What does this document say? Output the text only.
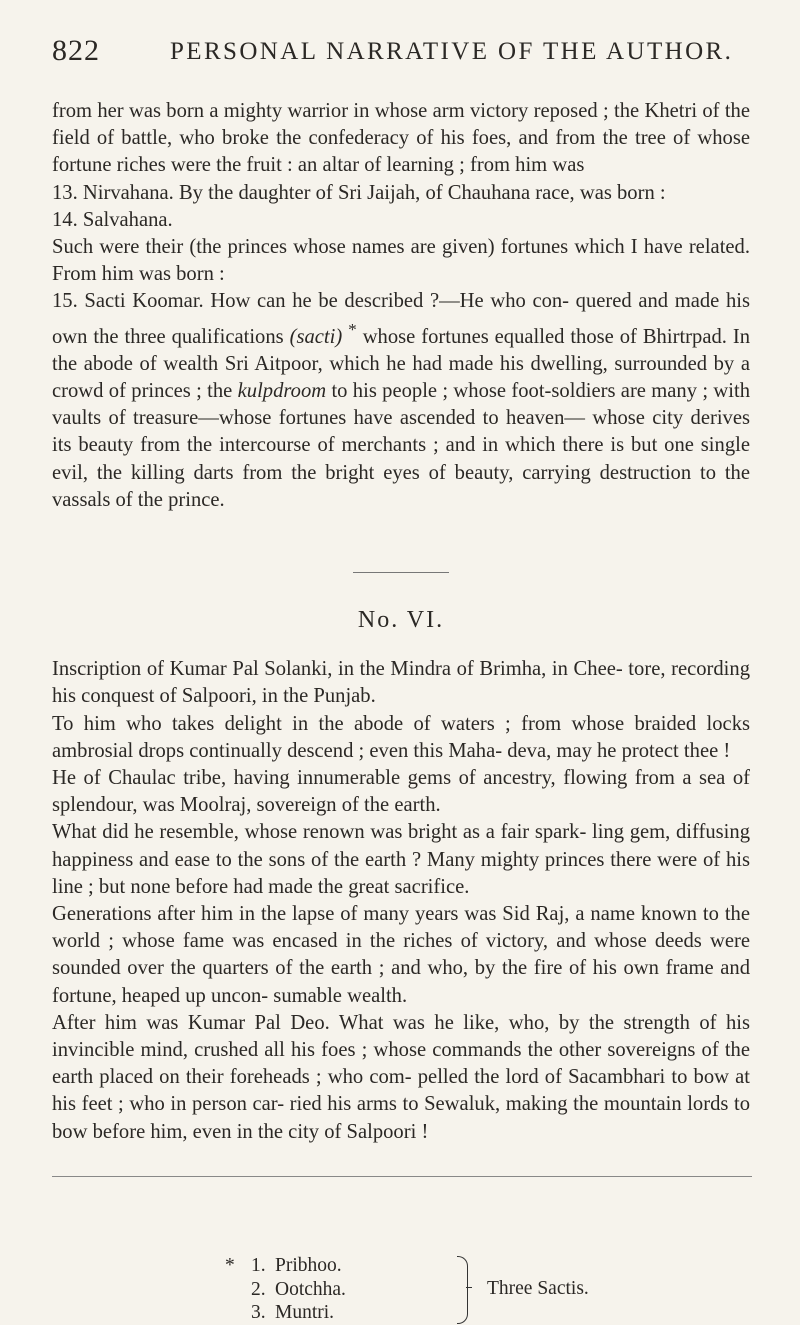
822	PERSONAL NARRATIVE OF THE AUTHOR.

from her was born a mighty warrior in whose arm victory reposed ; the Khetri of the field of battle, who broke the confederacy of his foes, and from the tree of whose fortune riches were the fruit : an altar of learning ; from him was

13. Nirvahana. By the daughter of Sri Jaijah, of Chauhana race, was born :

14. Salvahana.

Such were their (the princes whose names are given) fortunes which I have related. From him was born :

15. Sacti Koomar. How can he be described ?—He who con- quered and made his own the three qualifications (sacti) * whose fortunes equalled those of Bhirtrpad. In the abode of wealth Sri Aitpoor, which he had made his dwelling, surrounded by a crowd of princes ; the kulpdroom to his people ; whose foot-soldiers are many ; with vaults of treasure—whose fortunes have ascended to heaven— whose city derives its beauty from the intercourse of merchants ; and in which there is but one single evil, the killing darts from the bright eyes of beauty, carrying destruction to the vassals of the prince.

No. VI.

Inscription of Kumar Pal Solanki, in the Mindra of Brimha, in Chee- tore, recording his conquest of Salpoori, in the Punjab.

To him who takes delight in the abode of waters ; from whose braided locks ambrosial drops continually descend ; even this Maha- deva, may he protect thee !

He of Chaulac tribe, having innumerable gems of ancestry, flowing from a sea of splendour, was Moolraj, sovereign of the earth.

What did he resemble, whose renown was bright as a fair spark- ling gem, diffusing happiness and ease to the sons of the earth ? Many mighty princes there were of his line ; but none before had made the great sacrifice.

Generations after him in the lapse of many years was Sid Raj, a name known to the world ; whose fame was encased in the riches of victory, and whose deeds were sounded over the quarters of the earth ; and who, by the fire of his own frame and fortune, heaped up uncon- sumable wealth.

After him was Kumar Pal Deo. What was he like, who, by the strength of his invincible mind, crushed all his foes ; whose commands the other sovereigns of the earth placed on their foreheads ; who com- pelled the lord of Sacambhari to bow at his feet ; who in person car- ried his arms to Sewaluk, making the mountain lords to bow before him, even in the city of Salpoori !

* 1. Pribhoo.
2. Ootchha.
3. Muntri.
Three Sactis.
